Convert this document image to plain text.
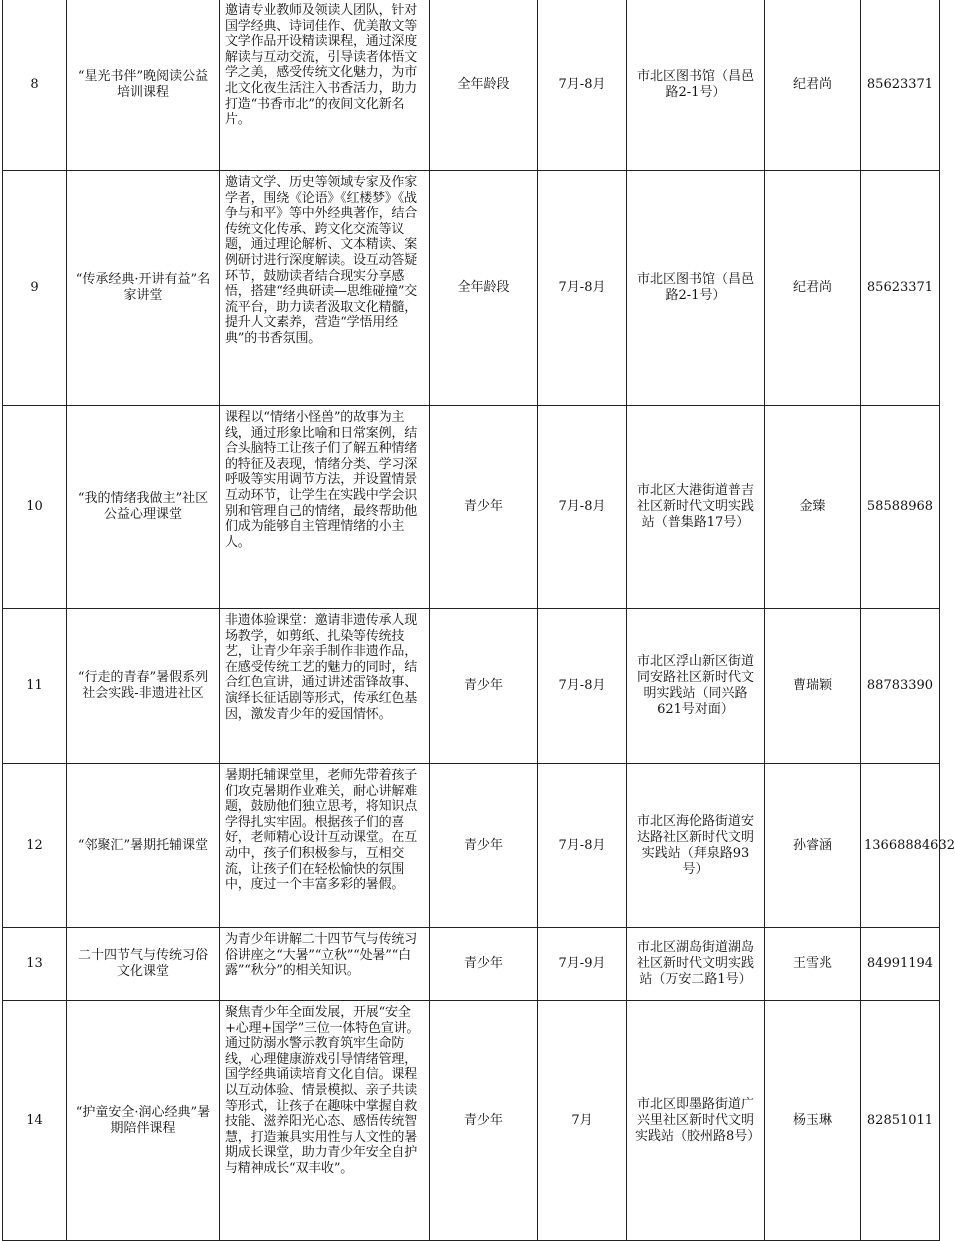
8	“星光书伴”晚阅读公益培训课程	邀请专业教师及领读人团队，针对国学经典、诗词佳作、优美散文等文学作品开设精读课程，通过深度解读与互动交流，引导读者体悟文学之美，感受传统文化魅力，为市北文化夜生活注入书香活力，助力打造“书香市北”的夜间文化新名片。	全年龄段	7月-8月	市北区图书馆（昌邑路2-1号）	纪君尚	85623371
9	“传承经典·开讲有益”名家讲堂	邀请文学、历史等领域专家及作家学者，围绕《论语》《红楼梦》《战争与和平》等中外经典著作，结合传统文化传承、跨文化交流等议题，通过理论解析、文本精读、案例研讨进行深度解读。设互动答疑环节，鼓励读者结合现实分享感悟，搭建“经典研读—思维碰撞”交流平台，助力读者汲取文化精髓，提升人文素养，营造“学悟用经典”的书香氛围。	全年龄段	7月-8月	市北区图书馆（昌邑路2-1号）	纪君尚	85623371
10	“我的情绪我做主”社区公益心理课堂	课程以“情绪小怪兽”的故事为主线，通过形象比喻和日常案例，结合头脑特工让孩子们了解五种情绪的特征及表现，情绪分类、学习深呼吸等实用调节方法，并设置情景互动环节，让学生在实践中学会识别和管理自己的情绪，最终帮助他们成为能够自主管理情绪的小主人。	青少年	7月-8月	市北区大港街道普吉社区新时代文明实践站（普集路17号）	金臻	58588968
11	“行走的青春”暑假系列社会实践-非遗进社区	非遗体验课堂：邀请非遗传承人现场教学，如剪纸、扎染等传统技艺，让青少年亲手制作非遗作品，在感受传统工艺的魅力的同时，结合红色宣讲，通过讲述雷锋故事、演绎长征话剧等形式，传承红色基因，激发青少年的爱国情怀。	青少年	7月-8月	市北区浮山新区街道同安路社区新时代文明实践站（同兴路621号对面）	曹瑞颖	88783390
12	“邻聚汇”暑期托辅课堂	暑期托辅课堂里，老师先带着孩子们攻克暑期作业难关，耐心讲解难题，鼓励他们独立思考，将知识点学得扎实牢固。根据孩子们的喜好，老师精心设计互动课堂。在互动中，孩子们积极参与，互相交流，让孩子们在轻松愉快的氛围中，度过一个丰富多彩的暑假。	青少年	7月-8月	市北区海伦路街道安达路社区新时代文明实践站（拜泉路93号）	孙睿涵	13668884632
13	二十四节气与传统习俗文化课堂	为青少年讲解二十四节气与传统习俗讲座之“大暑”“立秋”“处暑”“白露”“秋分”的相关知识。	青少年	7月-9月	市北区湖岛街道湖岛社区新时代文明实践站（万安二路1号）	王雪兆	84991194
14	“护童安全·润心经典”暑期陪伴课程	聚焦青少年全面发展，开展“安全+心理+国学”三位一体特色宣讲。通过防溺水警示教育筑牢生命防线，心理健康游戏引导情绪管理，国学经典诵读培育文化自信。课程以互动体验、情景模拟、亲子共读等形式，让孩子在趣味中掌握自救技能、滋养阳光心态、感悟传统智慧，打造兼具实用性与人文性的暑期成长课堂，助力青少年安全自护与精神成长“双丰收”。	青少年	7月	市北区即墨路街道广兴里社区新时代文明实践站（胶州路8号）	杨玉琳	82851011
